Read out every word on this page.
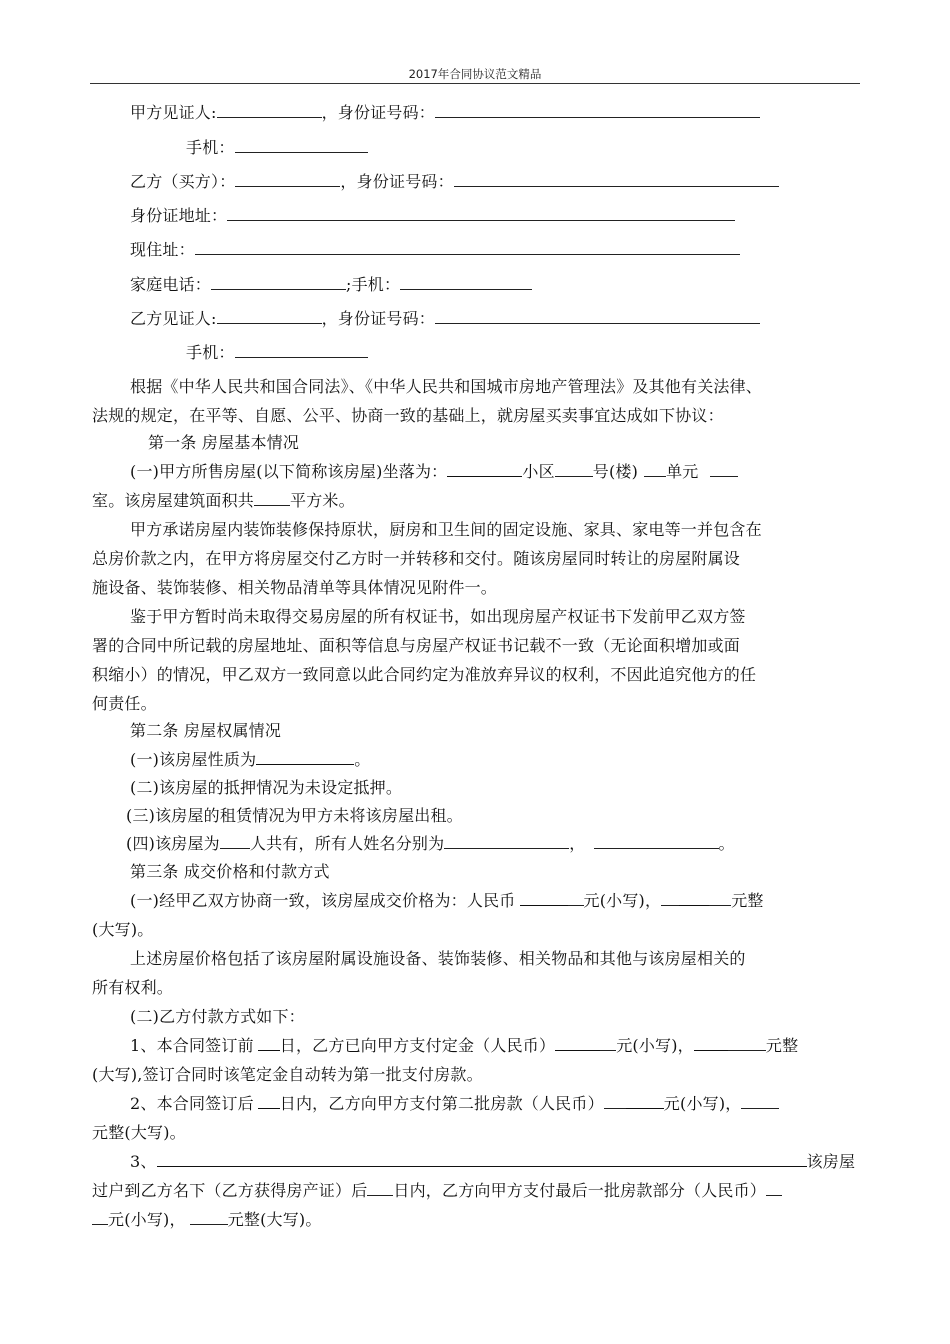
2017年合同协议范文精品
甲方见证人:	，身份证号码：
手机：
乙方（买方）：	，身份证号码：
身份证地址：
现住址：
家庭电话：	;手机：
乙方见证人:	，身份证号码：
手机：
根据《中华人民共和国合同法》、《中华人民共和国城市房地产管理法》及其他有关法律、
法规的规定，在平等、自愿、公平、协商一致的基础上，就房屋买卖事宜达成如下协议：
第一条 房屋基本情况
(一)甲方所售房屋(以下简称该房屋)坐落为：	小区 号(楼) 单元
室。该房屋建筑面积共 平方米。
甲方承诺房屋内装饰装修保持原状，厨房和卫生间的固定设施、家具、家电等一并包含在
总房价款之内，在甲方将房屋交付乙方时一并转移和交付。随该房屋同时转让的房屋附属设
施设备、装饰装修、相关物品清单等具体情况见附件一。
鉴于甲方暂时尚未取得交易房屋的所有权证书，如出现房屋产权证书下发前甲乙双方签
署的合同中所记载的房屋地址、面积等信息与房屋产权证书记载不一致（无论面积增加或面
积缩小）的情况，甲乙双方一致同意以此合同约定为准放弃异议的权利，不因此追究他方的任
何责任。
第二条 房屋权属情况
(一)该房屋性质为	。
(二)该房屋的抵押情况为未设定抵押。
(三)该房屋的租赁情况为甲方未将该房屋出租。
(四)该房屋为 人共有，所有人姓名分别为	，	。
第三条 成交价格和付款方式
(一)经甲乙双方协商一致，该房屋成交价格为：人民币	元(小写)，	元整
(大写)。
上述房屋价格包括了该房屋附属设施设备、装饰装修、相关物品和其他与该房屋相关的
所有权利。
(二)乙方付款方式如下：
1、本合同签订前 日，乙方已向甲方支付定金（人民币）	元(小写)，	元整
(大写),签订合同时该笔定金自动转为第一批支付房款。
2、本合同签订后 日内，乙方向甲方支付第二批房款（人民币）	元(小写)，
元整(大写)。
3、	该房屋
过户到乙方名下（乙方获得房产证）后 日内，乙方向甲方支付最后一批房款部分（人民币）
元(小写)，	元整(大写)。
